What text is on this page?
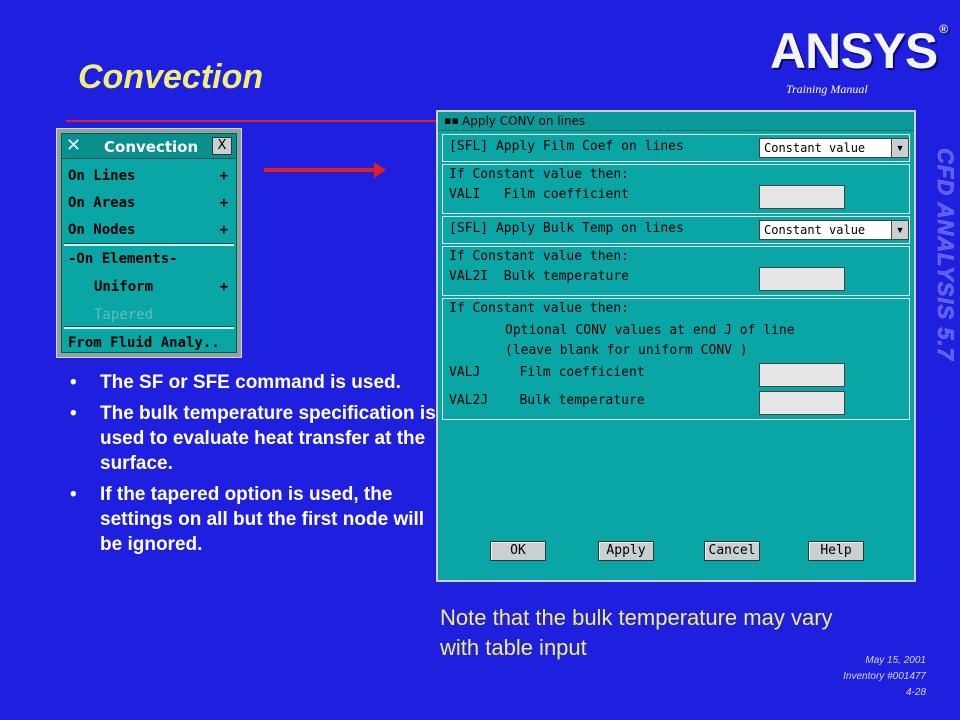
Convection	ANSYS ®
Training Manual
CFD ANALYSIS 5.7
✕ Convection	X
On Lines	+
On Areas	+
On Nodes	+
-On Elements-
Uniform	+
Tapered
From Fluid Analy..
▪▪ Apply CONV on lines
[SFL] Apply Film Coef on lines	Constant value	▼
If Constant value then:
VALI   Film coefficient
[SFL] Apply Bulk Temp on lines	Constant value	▼
If Constant value then:
VAL2I  Bulk temperature
If Constant value then:
Optional CONV values at end J of line
(leave blank for uniform CONV )
VALJ     Film coefficient
VAL2J    Bulk temperature
OK	Apply	Cancel	Help
• The SF or SFE command is used.
• The bulk temperature specification is used to evaluate heat transfer at the surface.
• If the tapered option is used, the settings on all but the first node will be ignored.
Note that the bulk temperature may vary with table input
May 15, 2001
Inventory #001477
4-28
